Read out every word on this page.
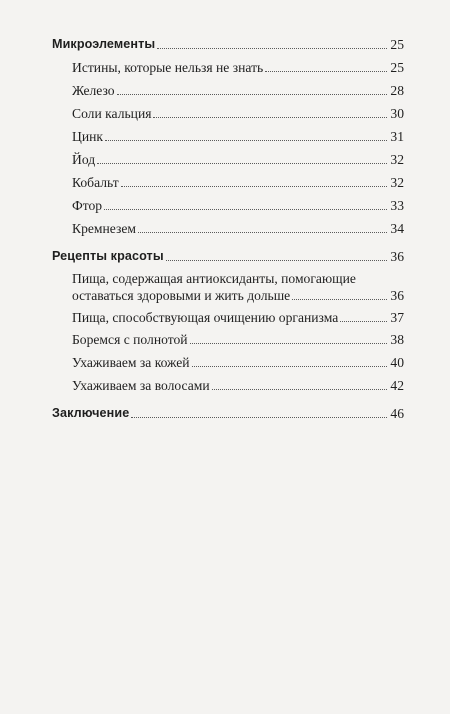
Микроэлементы	25
Истины, которые нельзя не знать	25
Железо	28
Соли кальция	30
Цинк	31
Йод	32
Кобальт	32
Фтор	33
Кремнезем	34
Рецепты красоты	36
Пища, содержащая антиоксиданты, помогающие
оставаться здоровыми и жить дольше	36
Пища, способствующая очищению организма	37
Боремся с полнотой	38
Ухаживаем за кожей	40
Ухаживаем за волосами	42
Заключение	46
